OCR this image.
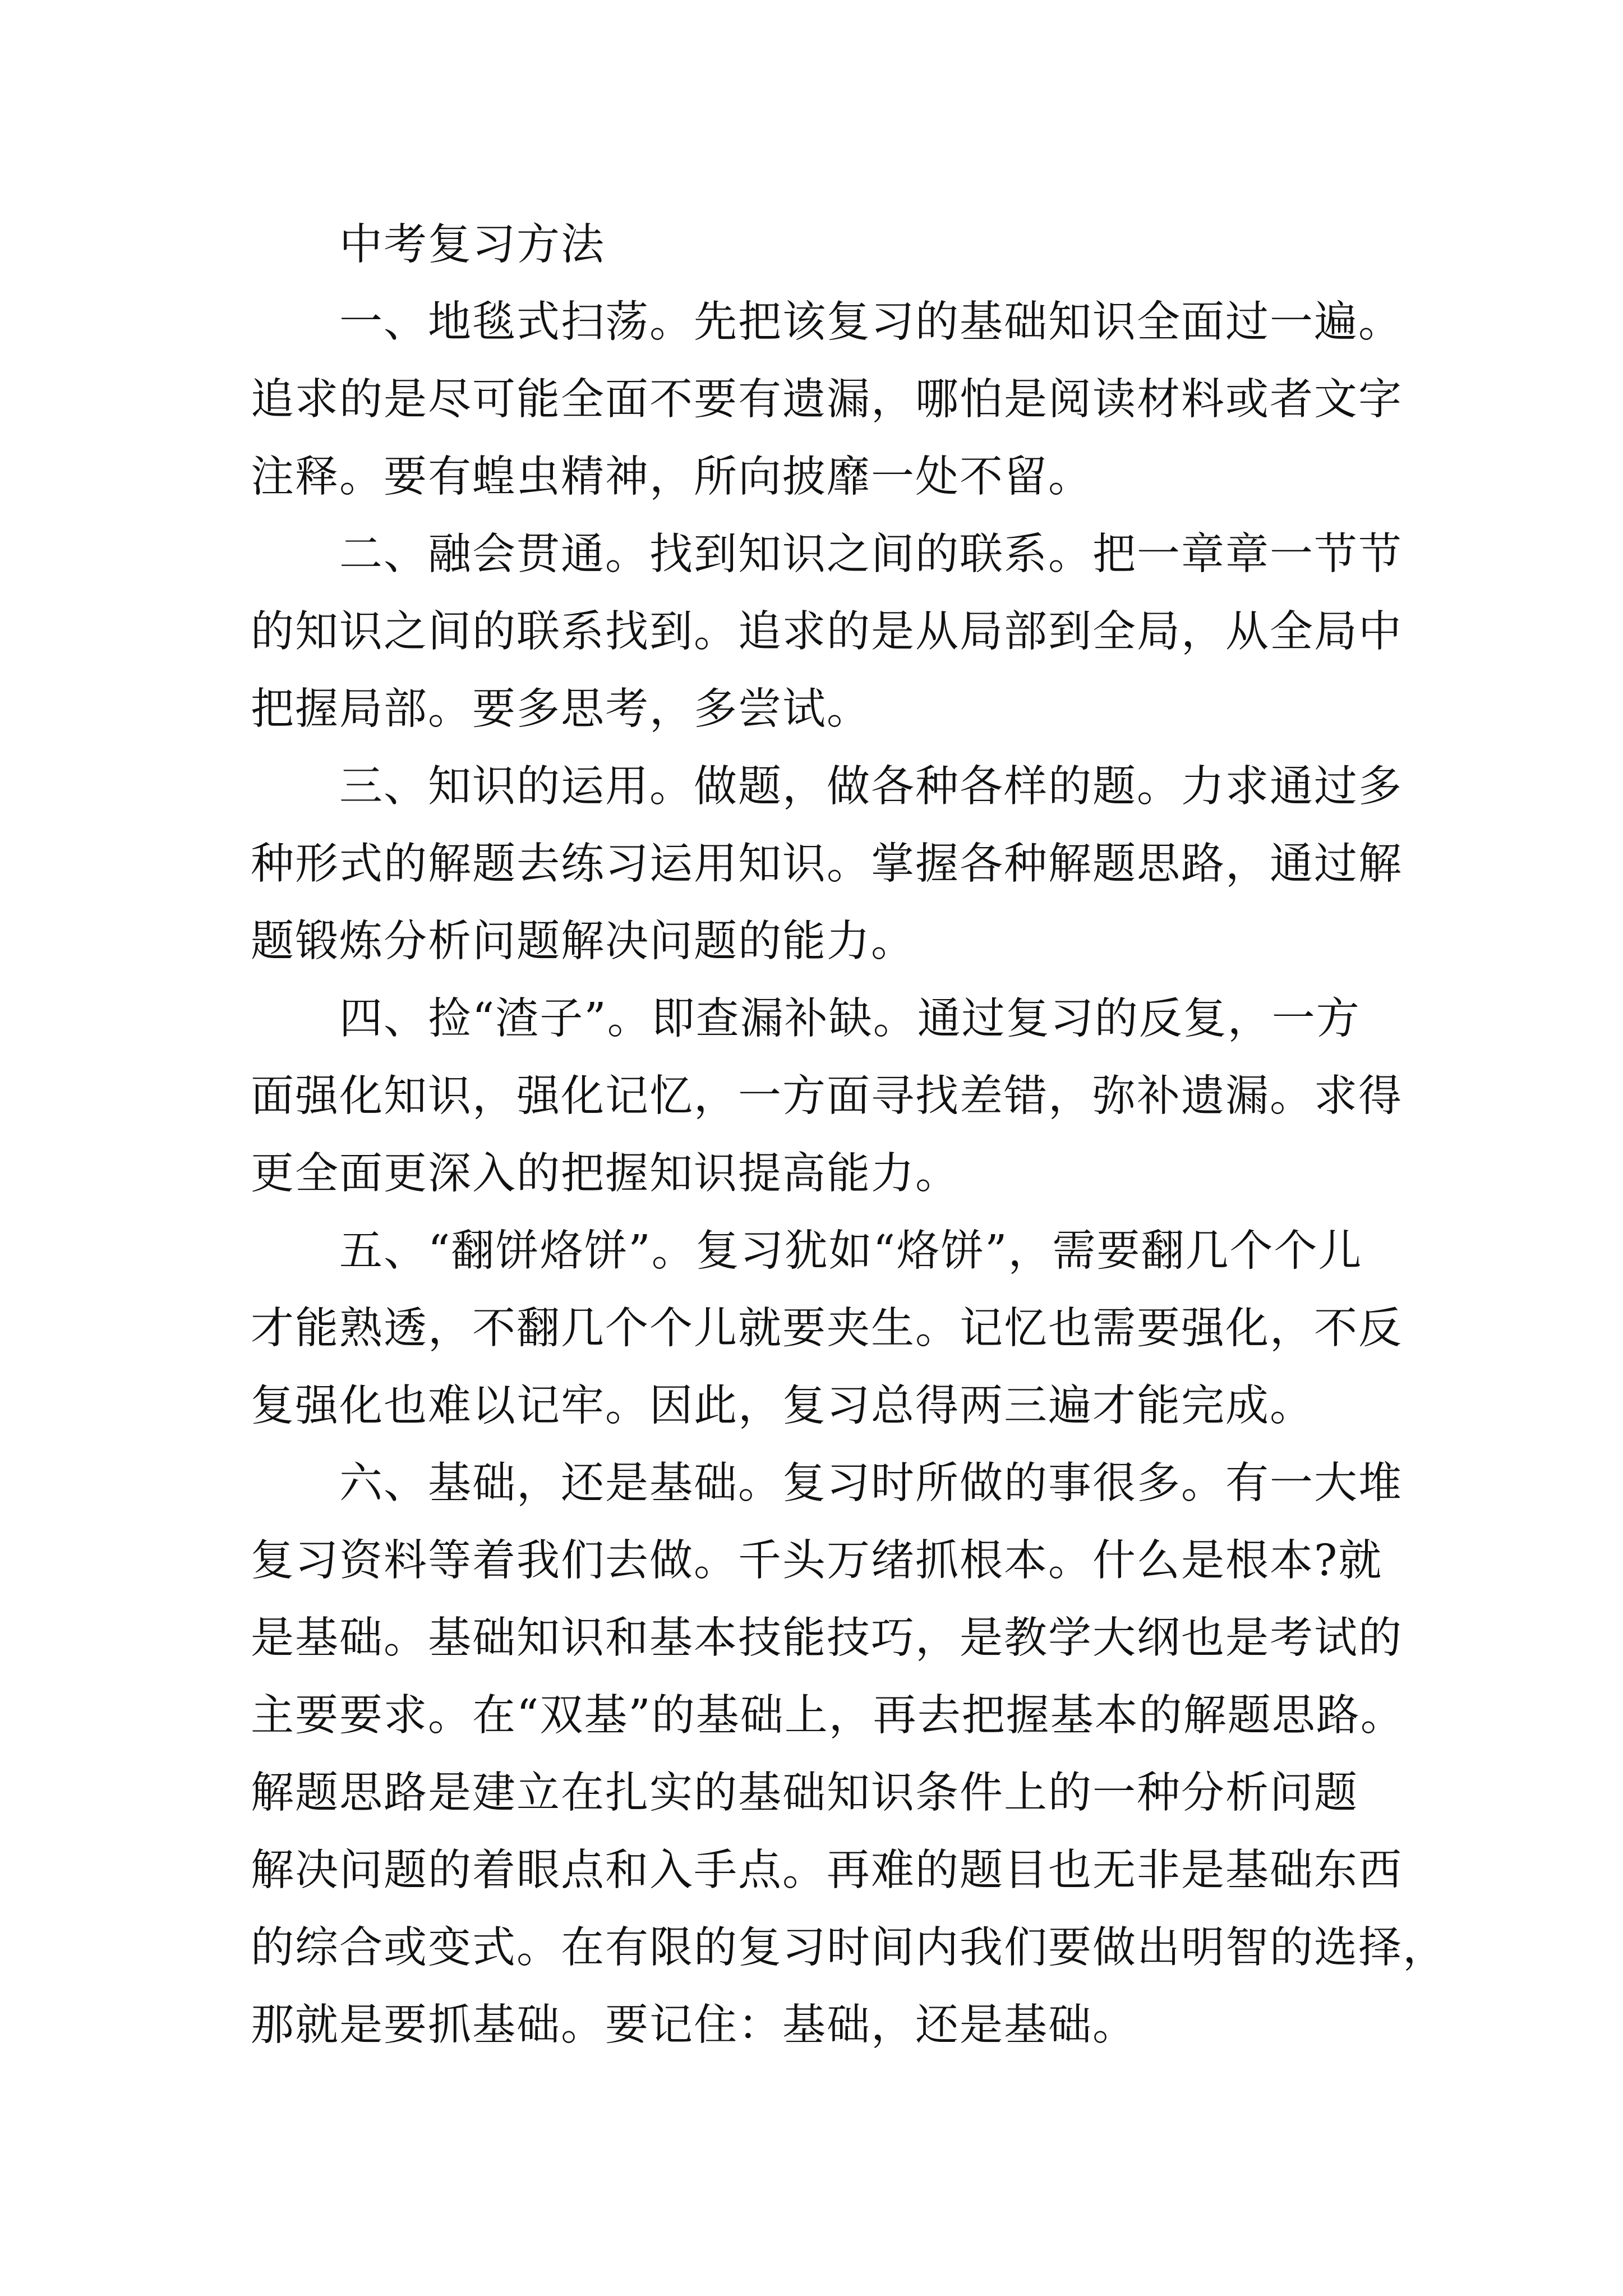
中考复习方法
一、地毯式扫荡。先把该复习的基础知识全面过一遍。
追求的是尽可能全面不要有遗漏，哪怕是阅读材料或者文字
注释。要有蝗虫精神，所向披靡一处不留。
二、融会贯通。找到知识之间的联系。把一章章一节节
的知识之间的联系找到。追求的是从局部到全局，从全局中
把握局部。要多思考，多尝试。
三、知识的运用。做题，做各种各样的题。力求通过多
种形式的解题去练习运用知识。掌握各种解题思路，通过解
题锻炼分析问题解决问题的能力。
四、捡“渣子”。即查漏补缺。通过复习的反复，一方
面强化知识，强化记忆，一方面寻找差错，弥补遗漏。求得
更全面更深入的把握知识提高能力。
五、“翻饼烙饼”。复习犹如“烙饼”，需要翻几个个儿
才能熟透，不翻几个个儿就要夹生。记忆也需要强化，不反
复强化也难以记牢。因此，复习总得两三遍才能完成。
六、基础，还是基础。复习时所做的事很多。有一大堆
复习资料等着我们去做。千头万绪抓根本。什么是根本?就
是基础。基础知识和基本技能技巧，是教学大纲也是考试的
主要要求。在“双基”的基础上，再去把握基本的解题思路。
解题思路是建立在扎实的基础知识条件上的一种分析问题
解决问题的着眼点和入手点。再难的题目也无非是基础东西
的综合或变式。在有限的复习时间内我们要做出明智的选择，
那就是要抓基础。要记住：基础，还是基础。
